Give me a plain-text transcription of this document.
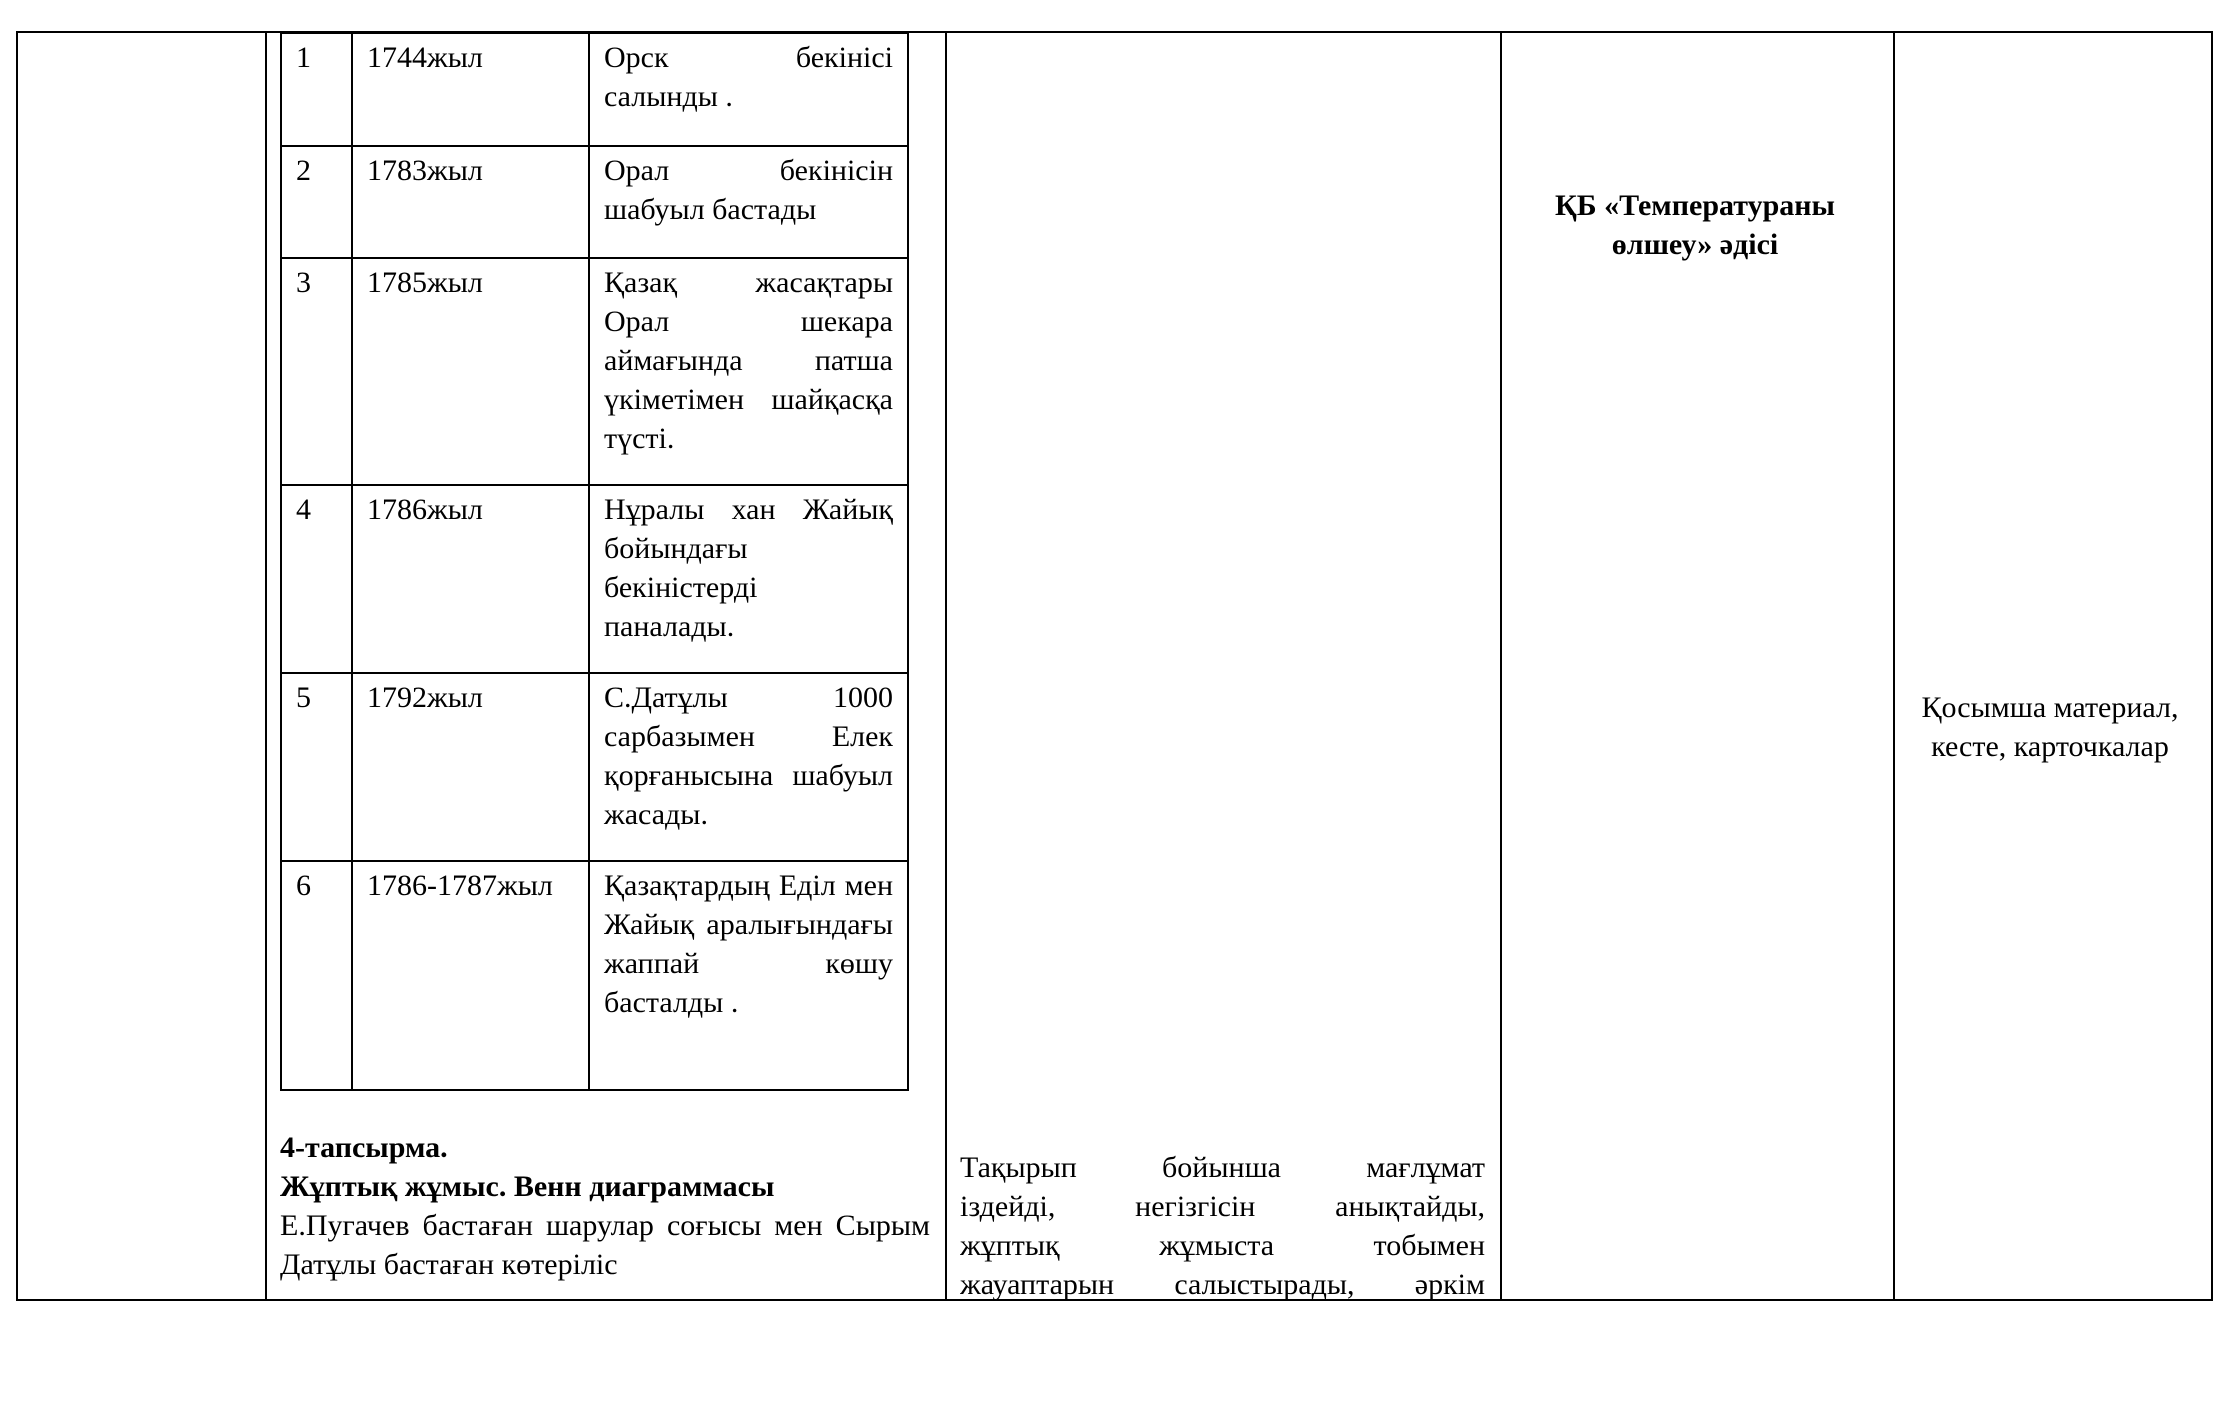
1	1744жыл	Орск бекінісі салынды .
2	1783жыл	Орал бекінісін шабуыл бастады
3	1785жыл	Қазақ жасақтары Орал шекара аймағында патша үкіметімен шайқасқа түсті.
4	1786жыл	Нұралы хан Жайық бойындағы бекіністерді паналады.
5	1792жыл	С.Датұлы 1000 сарбазымен Елек қорғанысына шабуыл жасады.
6	1786-1787жыл	Қазақтардың Еділ мен Жайық аралығындағы жаппай көшу басталды .
4-тапсырма.
Жұптық жұмыс. Венн диаграммасы
Е.Пугачев бастаған шарулар соғысы мен Сырым Датұлы бастаған көтеріліс
Тақырып бойынша мағлұмат
іздейді, негізгісін анықтайды,
жұптық жұмыста тобымен
жауаптарын салыстырады, әркім
ҚБ «Температураны өлшеу» әдісі
Қосымша материал, кесте, карточкалар
